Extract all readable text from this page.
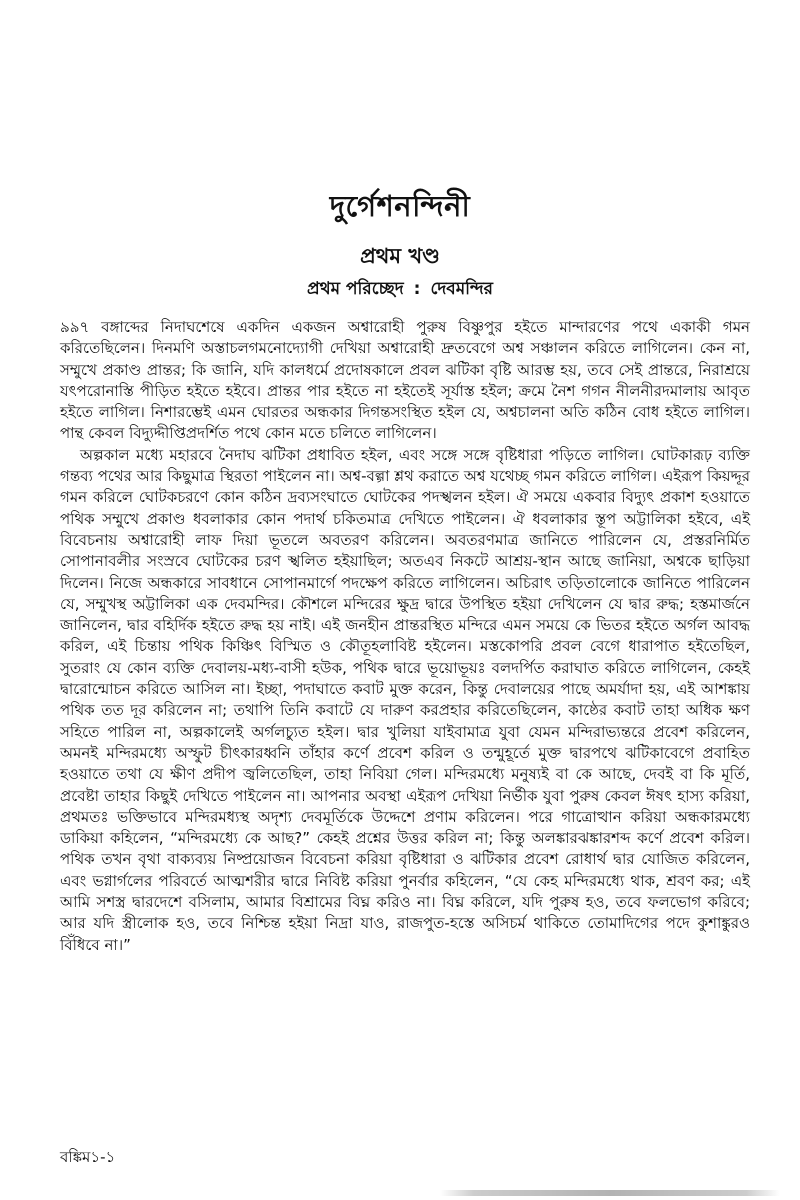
দুর্গেশনন্দিনী
প্রথম খণ্ড
প্রথম পরিচ্ছেদ : দেবমন্দির

৯৯৭ বঙ্গাব্দের নিদাঘশেষে একদিন একজন অশ্বারোহী পুরুষ বিষ্ণুপুর হইতে মান্দারণের পথে একাকী গমন করিতেছিলেন। দিনমণি অস্তাচলগমনোদ্যোগী দেখিয়া অশ্বারোহী দ্রুতবেগে অশ্ব সঞ্চালন করিতে লাগিলেন। কেন না, সম্মুখে প্রকাণ্ড প্রান্তর; কি জানি, যদি কালধর্মে প্রদোষকালে প্রবল ঝটিকা বৃষ্টি আরম্ভ হয়, তবে সেই প্রান্তরে, নিরাশ্রয়ে যৎপরোনাস্তি পীড়িত হইতে হইবে। প্রান্তর পার হইতে না হইতেই সূর্যাস্ত হইল; ক্রমে নৈশ গগন নীলনীরদমালায় আবৃত হইতে লাগিল। নিশারম্ভেই এমন ঘোরতর অন্ধকার দিগন্তসংস্থিত হইল যে, অশ্বচালনা অতি কঠিন বোধ হইতে লাগিল। পান্থ কেবল বিদ্যুদ্দীপ্তিপ্রদর্শিত পথে কোন মতে চলিতে লাগিলেন।

অল্পকাল মধ্যে মহারবে নৈদাঘ ঝটিকা প্রধাবিত হইল, এবং সঙ্গে সঙ্গে বৃষ্টিধারা পড়িতে লাগিল। ঘোটকারূঢ় ব্যক্তি গন্তব্য পথের আর কিছুমাত্র স্থিরতা পাইলেন না। অশ্ব-বল্গা শ্লথ করাতে অশ্ব যথেচ্ছ গমন করিতে লাগিল। এইরূপ কিয়দ্দূর গমন করিলে ঘোটকচরণে কোন কঠিন দ্রব্যসংঘাতে ঘোটকের পদস্খলন হইল। ঐ সময়ে একবার বিদ্যুৎ প্রকাশ হওয়াতে পথিক সম্মুখে প্রকাণ্ড ধবলাকার কোন পদার্থ চকিতমাত্র দেখিতে পাইলেন। ঐ ধবলাকার স্তূপ অট্টালিকা হইবে, এই বিবেচনায় অশ্বারোহী লাফ দিয়া ভূতলে অবতরণ করিলেন। অবতরণমাত্র জানিতে পারিলেন যে, প্রস্তরনির্মিত সোপানাবলীর সংস্রবে ঘোটকের চরণ স্খলিত হইয়াছিল; অতএব নিকটে আশ্রয়-স্থান আছে জানিয়া, অশ্বকে ছাড়িয়া দিলেন। নিজে অন্ধকারে সাবধানে সোপানমার্গে পদক্ষেপ করিতে লাগিলেন। অচিরাৎ তড়িতালোকে জানিতে পারিলেন যে, সম্মুখস্থ অট্টালিকা এক দেবমন্দির। কৌশলে মন্দিরের ক্ষুদ্র দ্বারে উপস্থিত হইয়া দেখিলেন যে দ্বার রুদ্ধ; হস্তমার্জনে জানিলেন, দ্বার বহির্দিক হইতে রুদ্ধ হয় নাই। এই জনহীন প্রান্তরস্থিত মন্দিরে এমন সময়ে কে ভিতর হইতে অর্গল আবদ্ধ করিল, এই চিন্তায় পথিক কিঞ্চিৎ বিস্মিত ও কৌতূহলাবিষ্ট হইলেন। মস্তকোপরি প্রবল বেগে ধারাপাত হইতেছিল, সুতরাং যে কোন ব্যক্তি দেবালয়-মধ্য-বাসী হউক, পথিক দ্বারে ভূয়োভূয়ঃ বলদর্পিত করাঘাত করিতে লাগিলেন, কেহই দ্বারোন্মোচন করিতে আসিল না। ইচ্ছা, পদাঘাতে কবাট মুক্ত করেন, কিন্তু দেবালয়ের পাছে অমর্যাদা হয়, এই আশঙ্কায় পথিক তত দূর করিলেন না; তথাপি তিনি কবাটে যে দারুণ করপ্রহার করিতেছিলেন, কাষ্ঠের কবাট তাহা অধিক ক্ষণ সহিতে পারিল না, অল্পকালেই অর্গলচ্যুত হইল। দ্বার খুলিয়া যাইবামাত্র যুবা যেমন মন্দিরাভ্যন্তরে প্রবেশ করিলেন, অমনই মন্দিরমধ্যে অস্ফুট চীৎকারধ্বনি তাঁহার কর্ণে প্রবেশ করিল ও তন্মুহূর্তে মুক্ত দ্বারপথে ঝটিকাবেগে প্রবাহিত হওয়াতে তথা যে ক্ষীণ প্রদীপ জ্বলিতেছিল, তাহা নিবিয়া গেল। মন্দিরমধ্যে মনুষ্যই বা কে আছে, দেবই বা কি মূর্তি, প্রবেষ্টা তাহার কিছুই দেখিতে পাইলেন না। আপনার অবস্থা এইরূপ দেখিয়া নির্ভীক যুবা পুরুষ কেবল ঈষৎ হাস্য করিয়া, প্রথমতঃ ভক্তিভাবে মন্দিরমধ্যস্থ অদৃশ্য দেবমূর্তিকে উদ্দেশে প্রণাম করিলেন। পরে গাত্রোত্থান করিয়া অন্ধকারমধ্যে ডাকিয়া কহিলেন, “মন্দিরমধ্যে কে আছ?” কেহই প্রশ্নের উত্তর করিল না; কিন্তু অলঙ্কারঝঙ্কারশব্দ কর্ণে প্রবেশ করিল। পথিক তখন বৃথা বাক্যব্যয় নিষ্প্রয়োজন বিবেচনা করিয়া বৃষ্টিধারা ও ঝটিকার প্রবেশ রোধার্থ দ্বার যোজিত করিলেন, এবং ভগ্নার্গলের পরিবর্তে আত্মশরীর দ্বারে নিবিষ্ট করিয়া পুনর্বার কহিলেন, “যে কেহ মন্দিরমধ্যে থাক, শ্রবণ কর; এই আমি সশস্ত্র দ্বারদেশে বসিলাম, আমার বিশ্রামের বিঘ্ন করিও না। বিঘ্ন করিলে, যদি পুরুষ হও, তবে ফলভোগ করিবে; আর যদি স্ত্রীলোক হও, তবে নিশ্চিন্ত হইয়া নিদ্রা যাও, রাজপুত-হস্তে অসিচর্ম থাকিতে তোমাদিগের পদে কুশাঙ্কুরও বিঁধিবে না।”

বঙ্কিম১-১
